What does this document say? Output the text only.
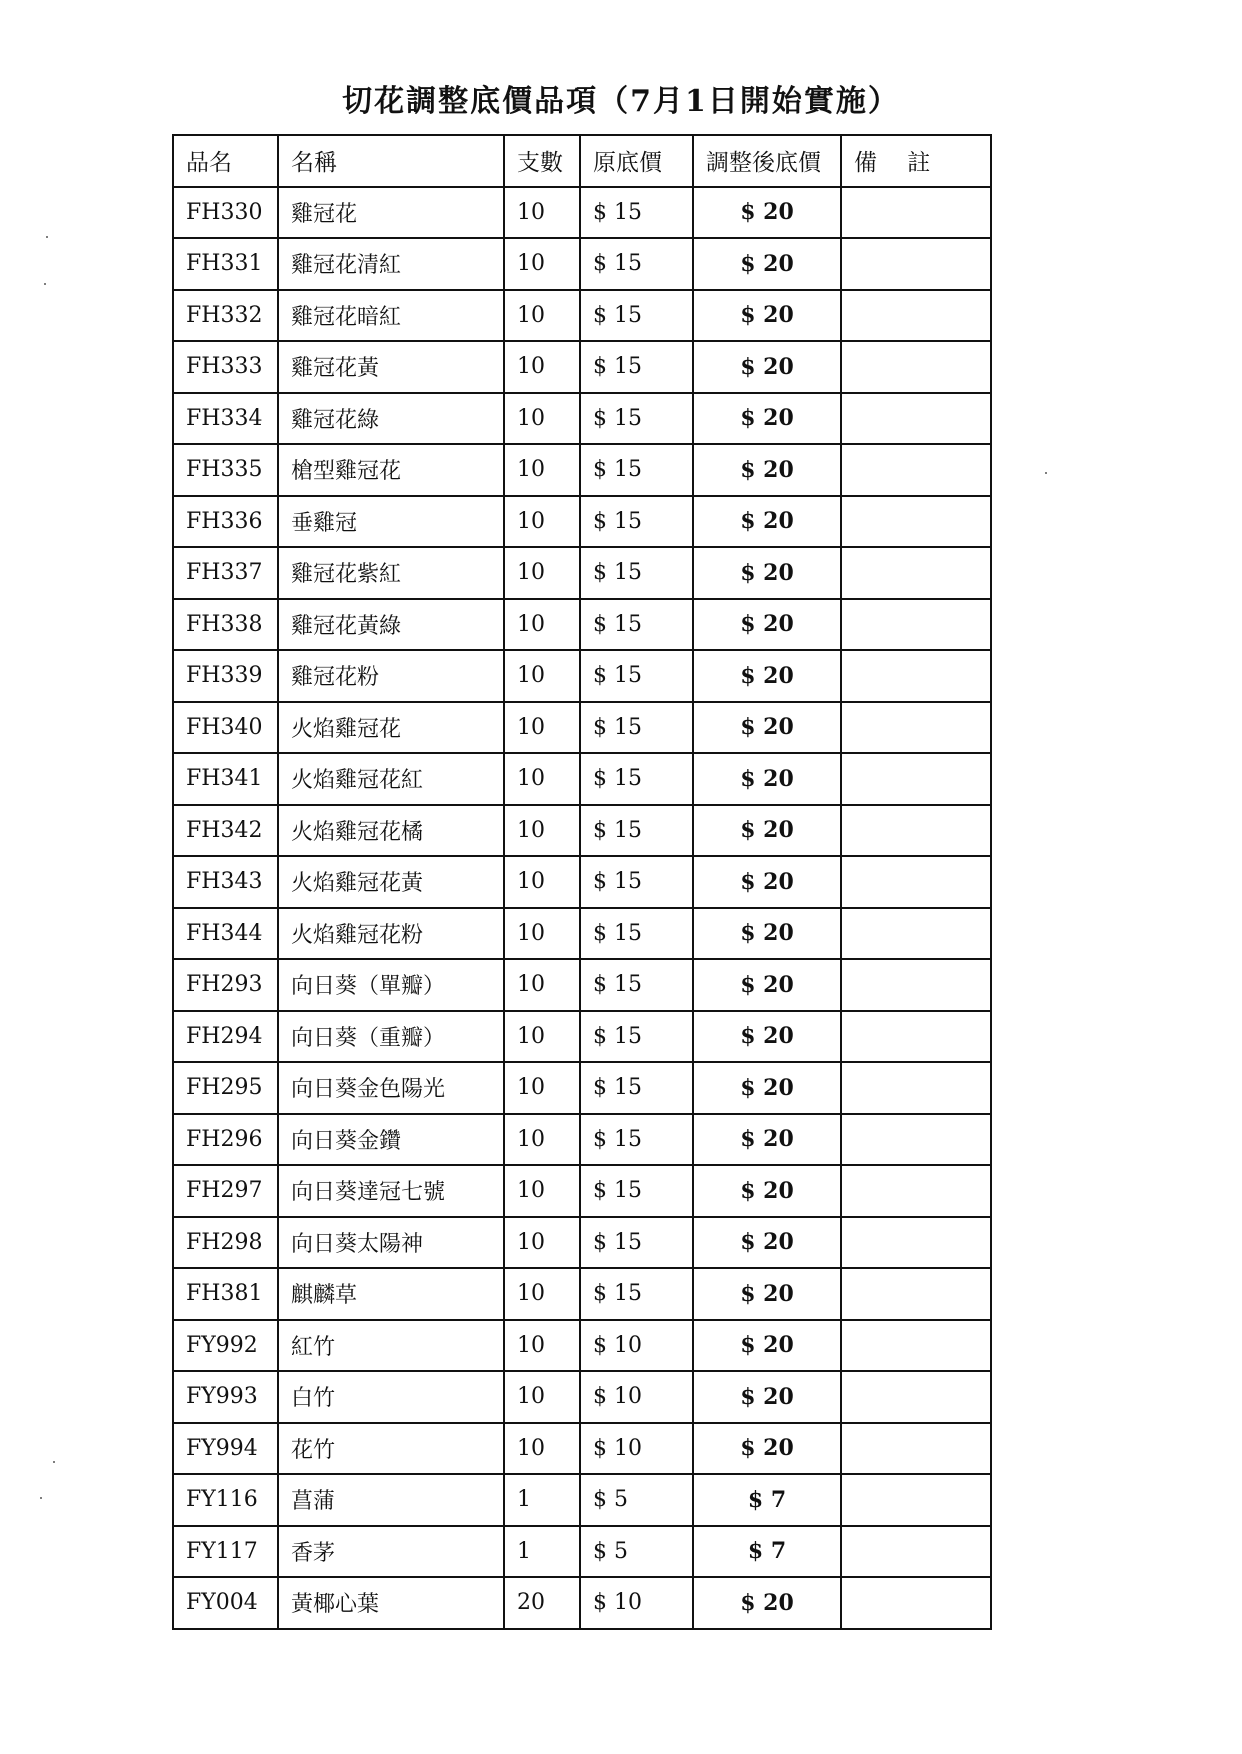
切花調整底價品項（7月1日開始實施）
品名	名稱	支數	原底價	調整後底價	備　 註
FH330	雞冠花	10	$ 15	$ 20	
FH331	雞冠花清紅	10	$ 15	$ 20	
FH332	雞冠花暗紅	10	$ 15	$ 20	
FH333	雞冠花黃	10	$ 15	$ 20	
FH334	雞冠花綠	10	$ 15	$ 20	
FH335	槍型雞冠花	10	$ 15	$ 20	
FH336	垂雞冠	10	$ 15	$ 20	
FH337	雞冠花紫紅	10	$ 15	$ 20	
FH338	雞冠花黃綠	10	$ 15	$ 20	
FH339	雞冠花粉	10	$ 15	$ 20	
FH340	火焰雞冠花	10	$ 15	$ 20	
FH341	火焰雞冠花紅	10	$ 15	$ 20	
FH342	火焰雞冠花橘	10	$ 15	$ 20	
FH343	火焰雞冠花黃	10	$ 15	$ 20	
FH344	火焰雞冠花粉	10	$ 15	$ 20	
FH293	向日葵（單瓣）	10	$ 15	$ 20	
FH294	向日葵（重瓣）	10	$ 15	$ 20	
FH295	向日葵金色陽光	10	$ 15	$ 20	
FH296	向日葵金鑽	10	$ 15	$ 20	
FH297	向日葵達冠七號	10	$ 15	$ 20	
FH298	向日葵太陽神	10	$ 15	$ 20	
FH381	麒麟草	10	$ 15	$ 20	
FY992	紅竹	10	$ 10	$ 20	
FY993	白竹	10	$ 10	$ 20	
FY994	花竹	10	$ 10	$ 20	
FY116	菖蒲	1	$ 5	$ 7	
FY117	香茅	1	$ 5	$ 7	
FY004	黃椰心葉	20	$ 10	$ 20	
